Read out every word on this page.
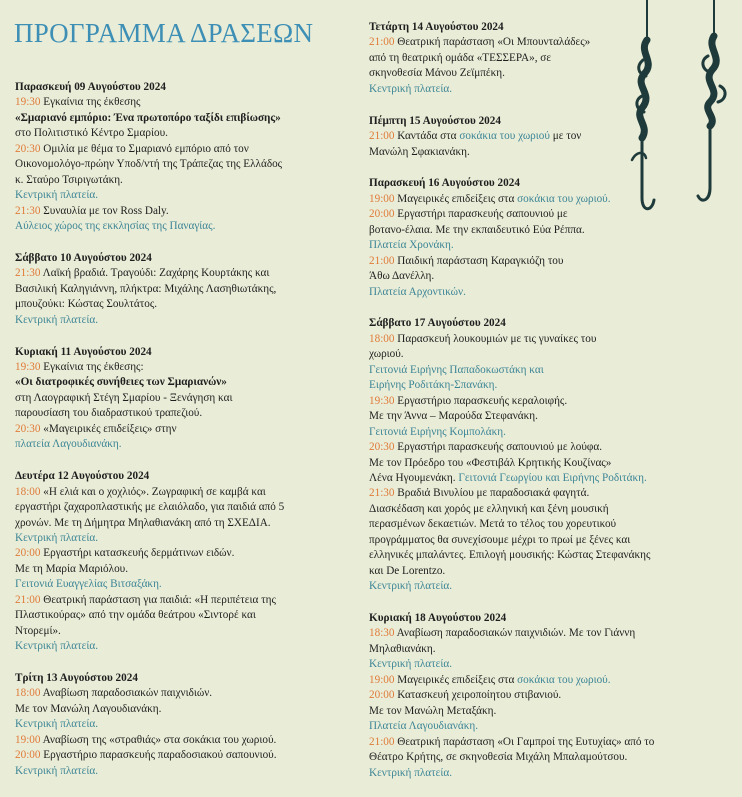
ΠΡΟΓΡΑΜΜΑ ΔΡΑΣΕΩΝ
Παρασκευή 09 Αυγούστου 2024
19:30 Εγκαίνια της έκθεσης
«Σμαριανό εμπόριο: Ένα πρωτοπόρο ταξίδι επιβίωσης»
στο Πολιτιστικό Κέντρο Σμαρίου.
20:30 Ομιλία με θέμα το Σμαριανό εμπόριο από τον
Οικονομολόγο-πρώην Υποδ/ντή της Τράπεζας της Ελλάδος
κ. Σταύρο Τσιριγωτάκη.
Κεντρική πλατεία.
21:30 Συναυλία με τον Ross Daly.
Αύλειος χώρος της εκκλησίας της Παναγίας.
Σάββατο 10 Αυγούστου 2024
21:30 Λαϊκή βραδιά. Τραγούδι: Ζαχάρης Κουρτάκης και
Βασιλική Καληγιάννη, πλήκτρα: Μιχάλης Λασηθιωτάκης,
μπουζούκι: Κώστας Σουλτάτος.
Κεντρική πλατεία.
Κυριακή 11 Αυγούστου 2024
19:30 Εγκαίνια της έκθεσης:
«Οι διατροφικές συνήθειες των Σμαριανών»
στη Λαογραφική Στέγη Σμαρίου - Ξενάγηση και
παρουσίαση του διαδραστικού τραπεζιού.
20:30 «Μαγειρικές επιδείξεις» στην
πλατεία Λαγουδιανάκη.
Δευτέρα 12 Αυγούστου 2024
18:00 «Η ελιά και ο χοχλιός». Ζωγραφική σε καμβά και
εργαστήρι ζαχαροπλαστικής με ελαιόλαδο, για παιδιά από 5
χρονών. Με τη Δήμητρα Μηλαθιανάκη από τη ΣΧΕΔΙΑ.
Κεντρική πλατεία.
20:00 Εργαστήρι κατασκευής δερμάτινων ειδών.
Με τη Μαρία Μαριόλου.
Γειτονιά Ευαγγελίας Βιτσαξάκη.
21:00 Θεατρική παράσταση για παιδιά: «Η περιπέτεια της
Πλαστικούρας» από την ομάδα θεάτρου «Σιντορέ και
Ντορεμί».
Κεντρική πλατεία.
Τρίτη 13 Αυγούστου 2024
18:00 Αναβίωση παραδοσιακών παιχνιδιών.
Με τον Μανώλη Λαγουδιανάκη.
Κεντρική πλατεία.
19:00 Αναβίωση της «στραθιάς» στα σοκάκια του χωριού.
20:00 Εργαστήριο παρασκευής παραδοσιακού σαπουνιού.
Κεντρική πλατεία.
Τετάρτη 14 Αυγούστου 2024
21:00 Θεατρική παράσταση «Οι Μπουνταλάδες»
από τη θεατρική ομάδα «ΤΕΣΣΕΡΑ», σε
σκηνοθεσία Μάνου Ζεϊμπέκη.
Κεντρική πλατεία.
Πέμπτη 15 Αυγούστου 2024
21:00 Καντάδα στα σοκάκια του χωριού με τον
Μανώλη Σφακιανάκη.
Παρασκευή 16 Αυγούστου 2024
19:00 Μαγειρικές επιδείξεις στα σοκάκια του χωριού.
20:00 Εργαστήρι παρασκευής σαπουνιού με
βοτανο-έλαια. Με την εκπαιδευτικό Εύα Ρέππα.
Πλατεία Χρονάκη.
21:00 Παιδική παράσταση Καραγκιόζη του
Άθω Δανέλλη.
Πλατεία Αρχοντικών.
Σάββατο 17 Αυγούστου 2024
18:00 Παρασκευή λουκουμιών με τις γυναίκες του
χωριού.
Γειτονιά Ειρήνης Παπαδοκωστάκη και
Ειρήνης Ροδιτάκη-Σπανάκη.
19:30 Εργαστήριο παρασκευής κεραλοιφής.
Με την Άννα – Μαρούδα Στεφανάκη.
Γειτονιά Ειρήνης Κομπολάκη.
20:30 Εργαστήρι παρασκευής σαπουνιού με λούφα.
Με τον Πρόεδρο του «Φεστιβάλ Κρητικής Κουζίνας»
Λένα Ηγουμενάκη. Γειτονιά Γεωργίου και Ειρήνης Ροδιτάκη.
21:30 Βραδιά Βινυλίου με παραδοσιακά φαγητά.
Διασκέδαση και χορός με ελληνική και ξένη μουσική
περασμένων δεκαετιών. Μετά το τέλος του χορευτικού
προγράμματος θα συνεχίσουμε μέχρι το πρωί με ξένες και
ελληνικές μπαλάντες. Επιλογή μουσικής: Κώστας Στεφανάκης
και De Lorentzo.
Κεντρική πλατεία.
Κυριακή 18 Αυγούστου 2024
18:30 Αναβίωση παραδοσιακών παιχνιδιών. Με τον Γιάννη
Μηλαθιανάκη.
Κεντρική πλατεία.
19:00 Μαγειρικές επιδείξεις στα σοκάκια του χωριού.
20:00 Κατασκευή χειροποίητου στιβανιού.
Με τον Μανώλη Μεταξάκη.
Πλατεία Λαγουδιανάκη.
21:00 Θεατρική παράσταση «Οι Γαμπροί της Ευτυχίας» από το
Θέατρο Κρήτης, σε σκηνοθεσία Μιχάλη Μπαλαμούτσου.
Κεντρική πλατεία.
